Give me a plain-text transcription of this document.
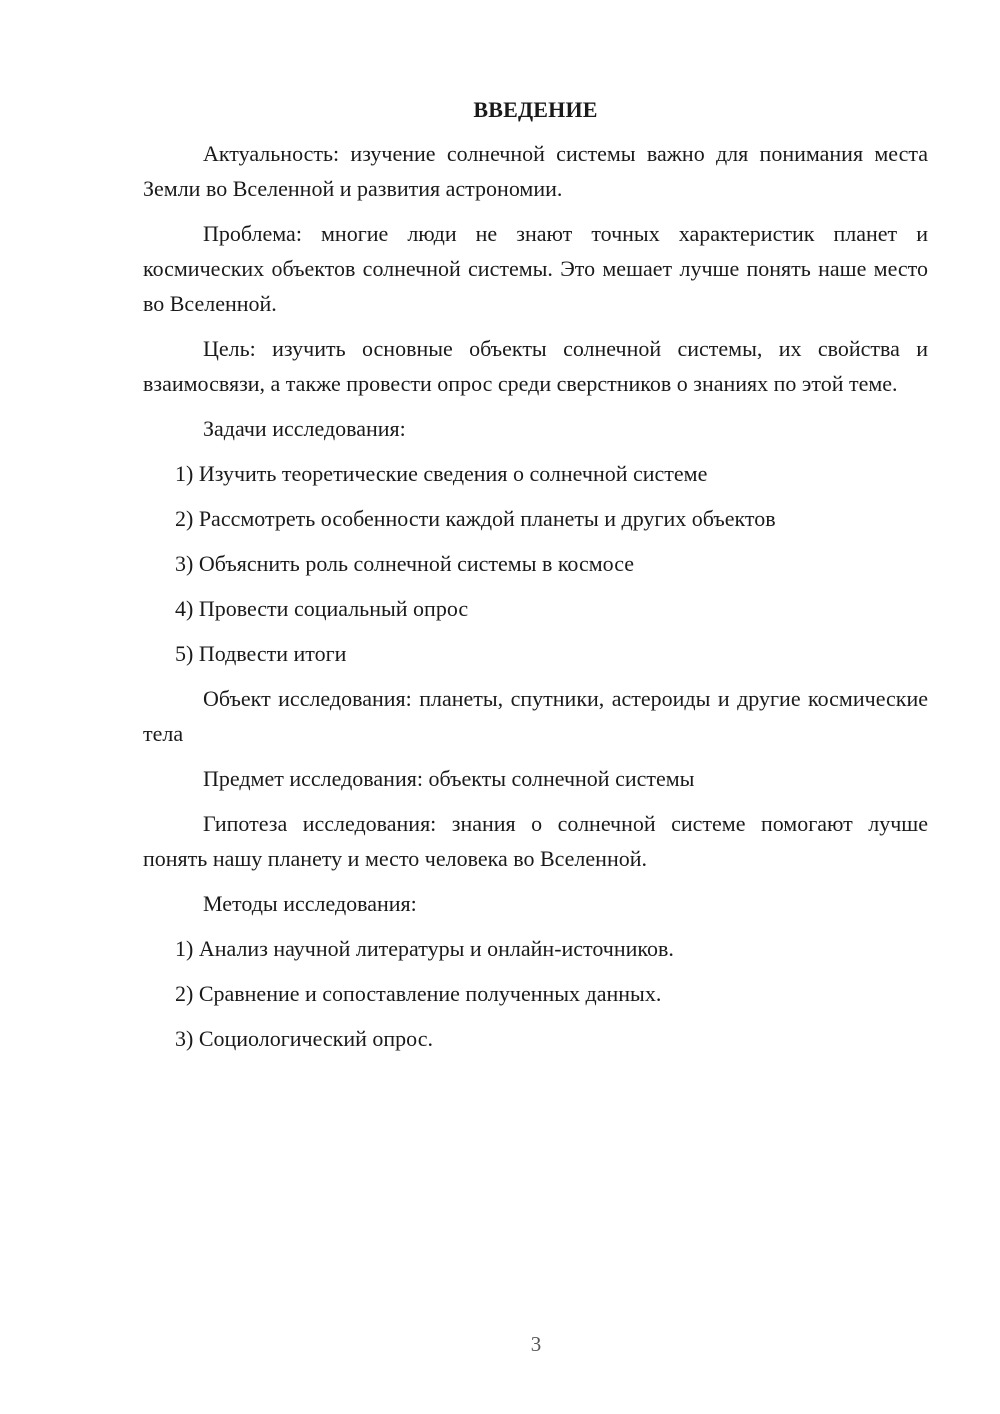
ВВЕДЕНИЕ

Актуальность: изучение солнечной системы важно для понимания места Земли во Вселенной и развития астрономии.

Проблема: многие люди не знают точных характеристик планет и космических объектов солнечной системы. Это мешает лучше понять наше место во Вселенной.

Цель: изучить основные объекты солнечной системы, их свойства и взаимосвязи, а также провести опрос среди сверстников о знаниях по этой теме.

Задачи исследования:

1) Изучить теоретические сведения о солнечной системе

2) Рассмотреть особенности каждой планеты и других объектов

3) Объяснить роль солнечной системы в космосе

4) Провести социальный опрос

5) Подвести итоги

Объект исследования: планеты, спутники, астероиды и другие космические тела

Предмет исследования: объекты солнечной системы

Гипотеза исследования: знания о солнечной системе помогают лучше понять нашу планету и место человека во Вселенной.

Методы исследования:

1) Анализ научной литературы и онлайн-источников.

2) Сравнение и сопоставление полученных данных.

3) Социологический опрос.

3
